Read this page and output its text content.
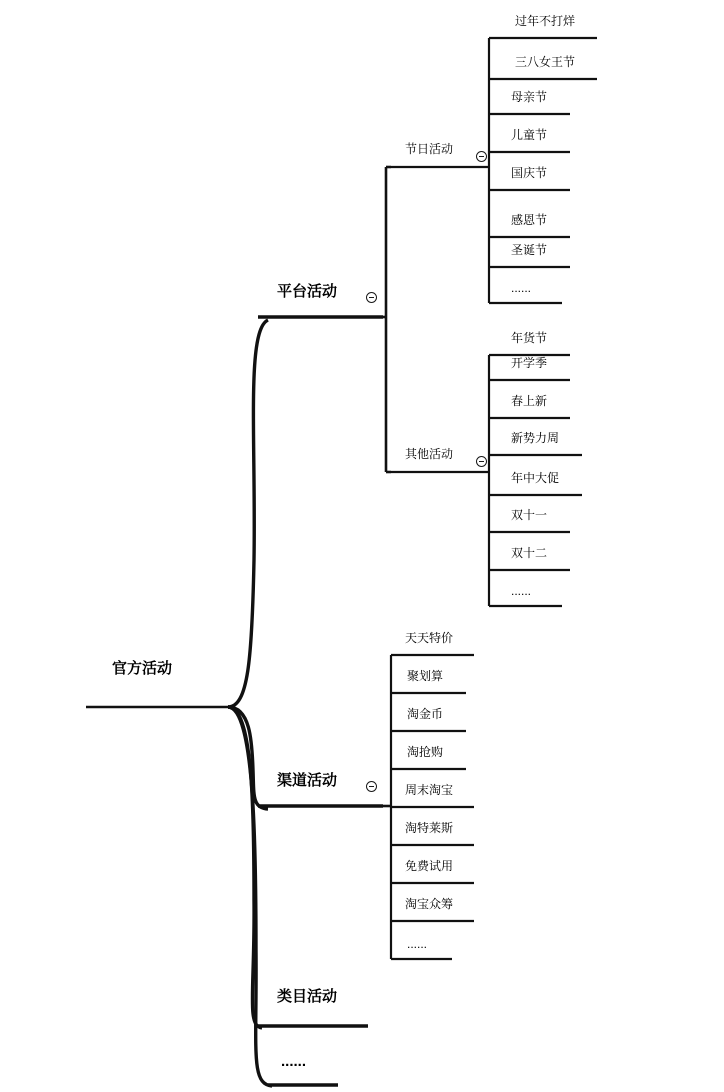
官方活动
平台活动
节日活动
过年不打烊
三八女王节
母亲节
儿童节
国庆节
感恩节
圣诞节
......
其他活动
年货节
开学季
春上新
新势力周
年中大促
双十一
双十二
......
渠道活动
天天特价
聚划算
淘金币
淘抢购
周末淘宝
淘特莱斯
免费试用
淘宝众筹
......
类目活动
......
